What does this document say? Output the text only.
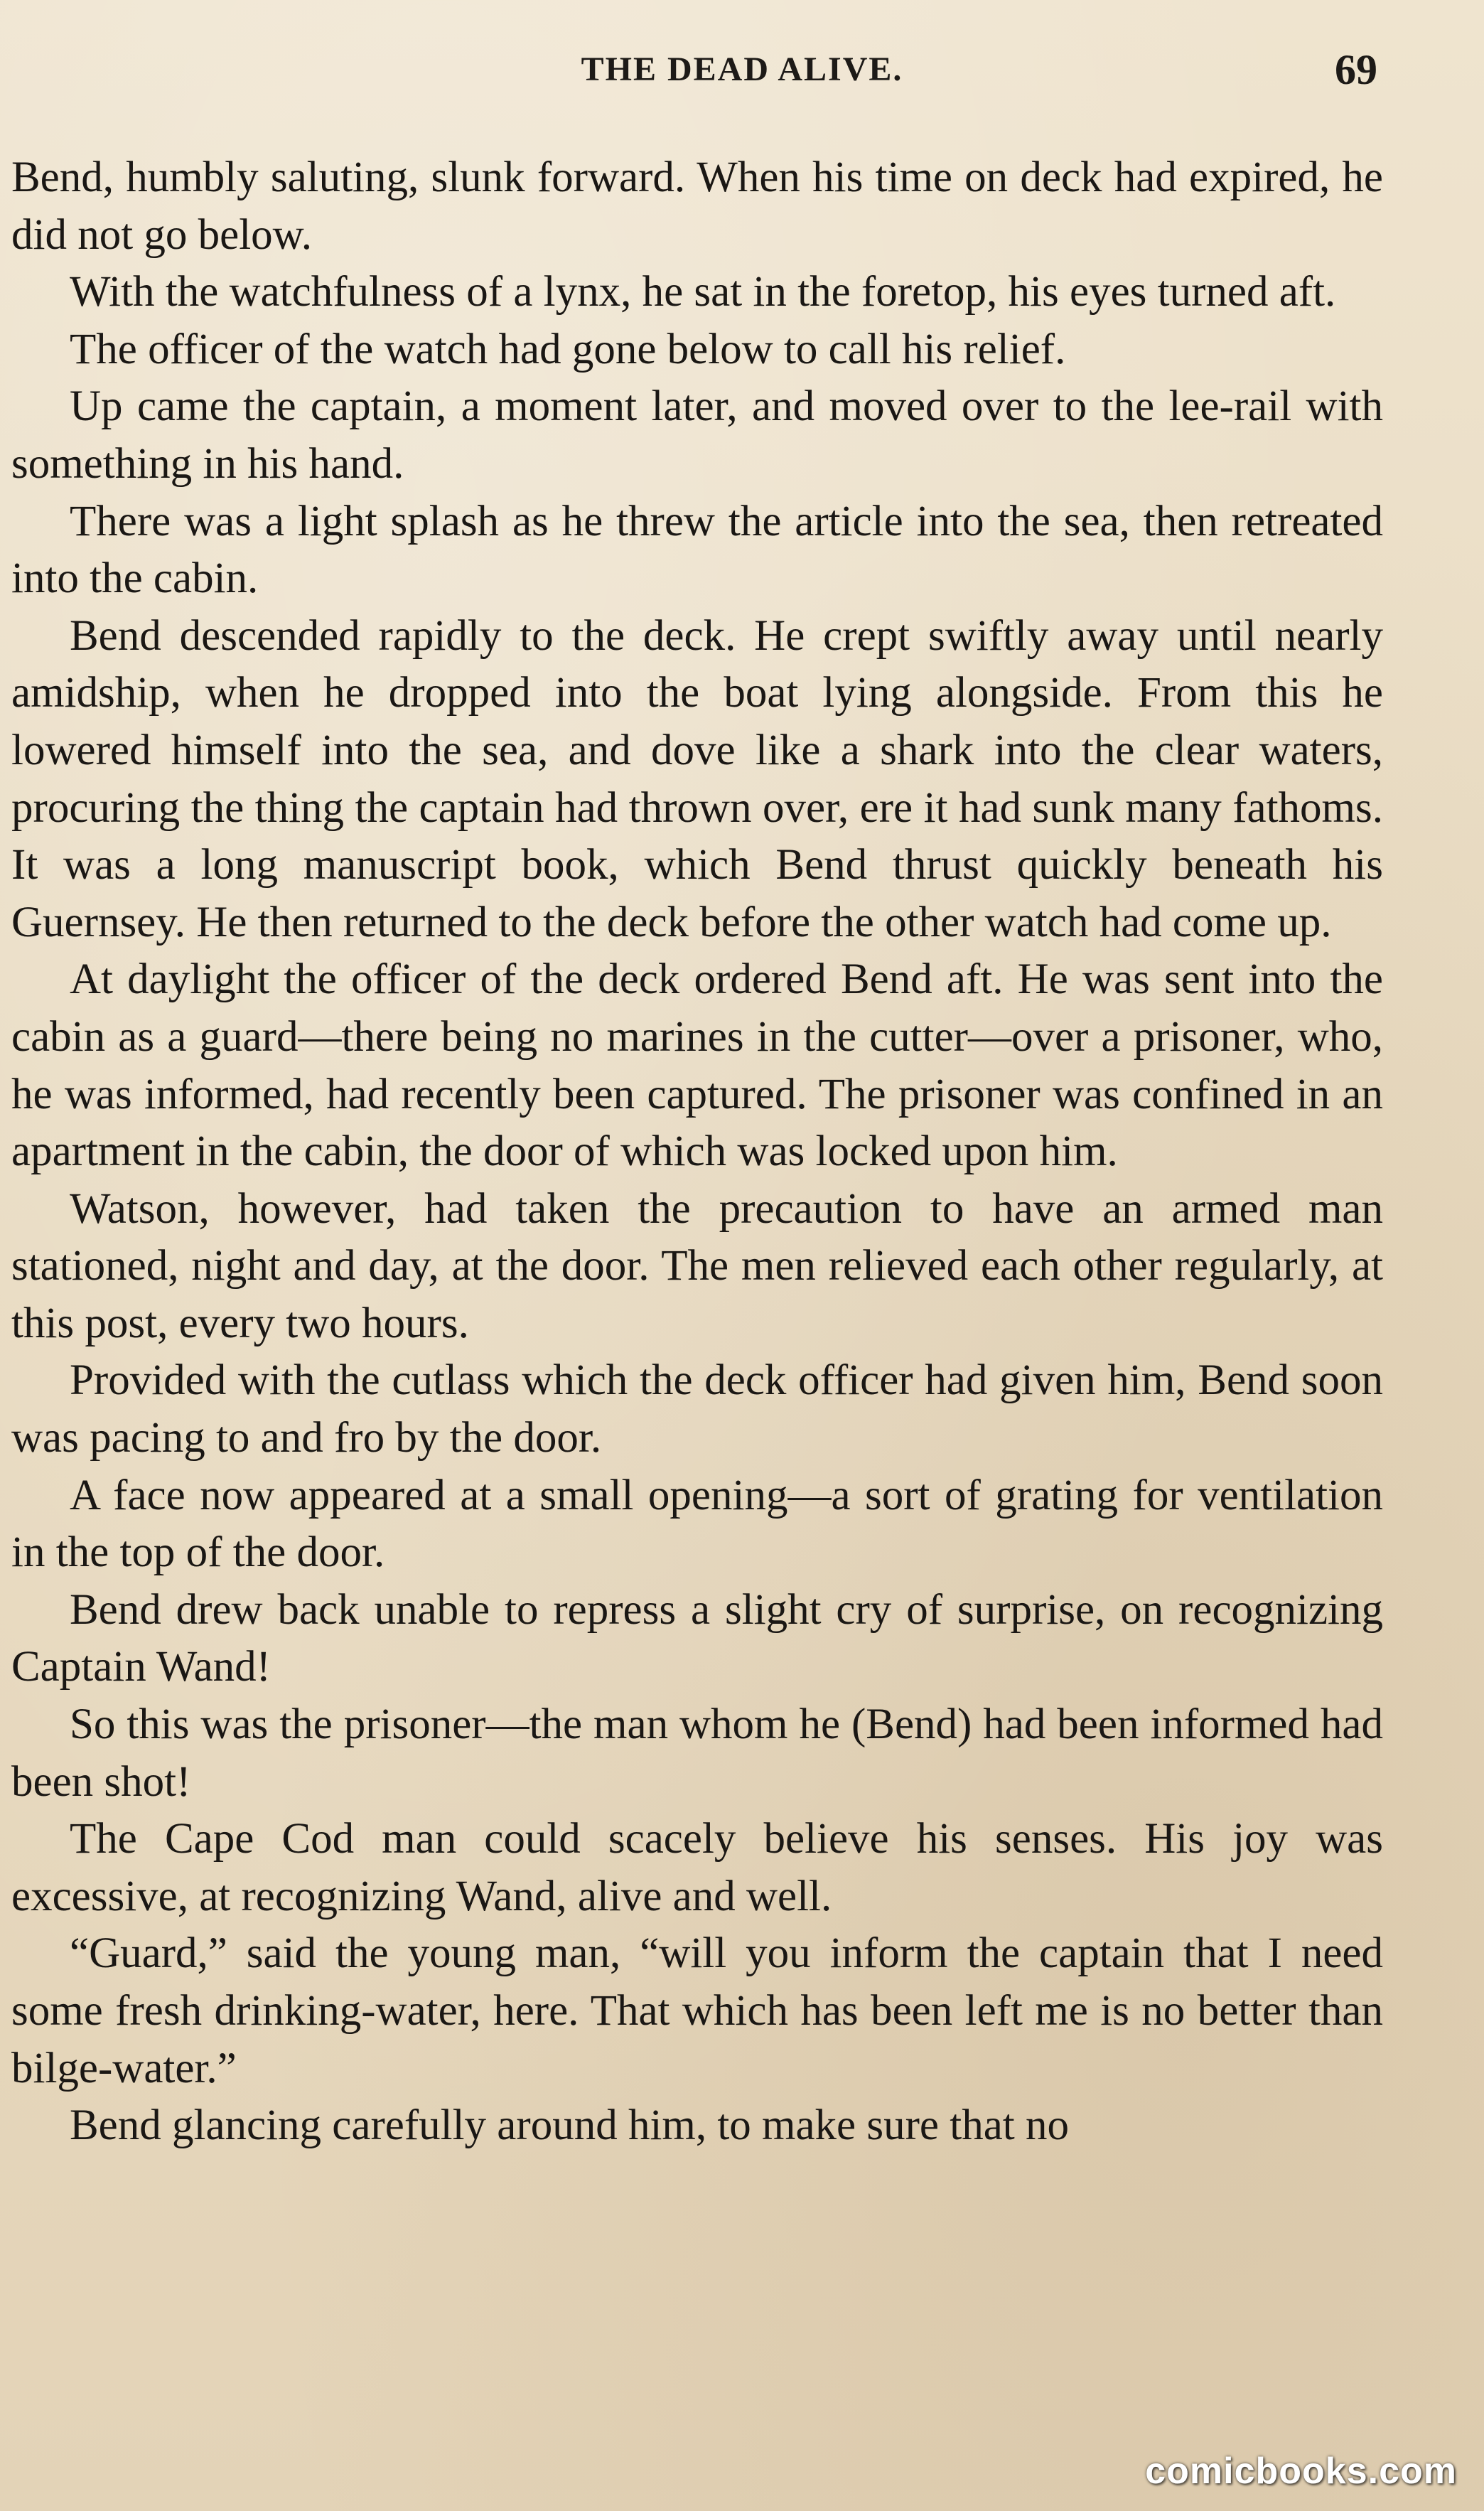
THE DEAD ALIVE.	69

Bend, humbly saluting, slunk forward. When his time on deck had expired, he did not go below.

With the watchfulness of a lynx, he sat in the foretop, his eyes turned aft.

The officer of the watch had gone below to call his relief.

Up came the captain, a moment later, and moved over to the lee-rail with something in his hand.

There was a light splash as he threw the article into the sea, then retreated into the cabin.

Bend descended rapidly to the deck. He crept swiftly away until nearly amidship, when he dropped into the boat lying alongside. From this he lowered himself into the sea, and dove like a shark into the clear waters, procuring the thing the captain had thrown over, ere it had sunk many fathoms. It was a long manuscript book, which Bend thrust quickly beneath his Guernsey. He then returned to the deck before the other watch had come up.

At daylight the officer of the deck ordered Bend aft. He was sent into the cabin as a guard—there being no marines in the cutter—over a prisoner, who, he was informed, had recently been captured. The prisoner was confined in an apartment in the cabin, the door of which was locked upon him.

Watson, however, had taken the precaution to have an armed man stationed, night and day, at the door. The men relieved each other regularly, at this post, every two hours.

Provided with the cutlass which the deck officer had given him, Bend soon was pacing to and fro by the door.

A face now appeared at a small opening—a sort of grating for ventilation in the top of the door.

Bend drew back unable to repress a slight cry of surprise, on recognizing Captain Wand!

So this was the prisoner—the man whom he (Bend) had been informed had been shot!

The Cape Cod man could scacely believe his senses. His joy was excessive, at recognizing Wand, alive and well.

“Guard,” said the young man, “will you inform the captain that I need some fresh drinking-water, here. That which has been left me is no better than bilge-water.”

Bend glancing carefully around him, to make sure that no

comicbooks.com
